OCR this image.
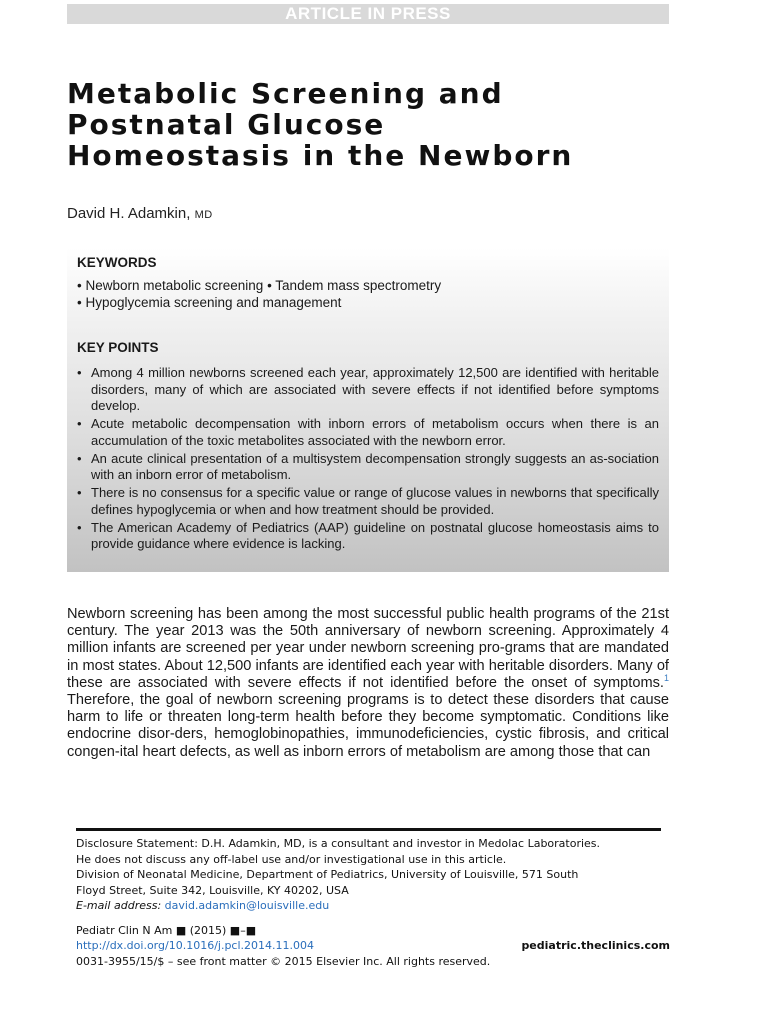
ARTICLE IN PRESS
Metabolic Screening and
Postnatal Glucose
Homeostasis in the Newborn
David H. Adamkin, MD

KEYWORDS

• Newborn metabolic screening • Tandem mass spectrometry
• Hypoglycemia screening and management

KEY POINTS

• Among 4 million newborns screened each year, approximately 12,500 are identified with heritable disorders, many of which are associated with severe effects if not identified before symptoms develop.
• Acute metabolic decompensation with inborn errors of metabolism occurs when there is an accumulation of the toxic metabolites associated with the newborn error.
• An acute clinical presentation of a multisystem decompensation strongly suggests an as-sociation with an inborn error of metabolism.
• There is no consensus for a specific value or range of glucose values in newborns that specifically defines hypoglycemia or when and how treatment should be provided.
• The American Academy of Pediatrics (AAP) guideline on postnatal glucose homeostasis aims to provide guidance where evidence is lacking.

Newborn screening has been among the most successful public health programs of the 21st century. The year 2013 was the 50th anniversary of newborn screening. Approximately 4 million infants are screened per year under newborn screening pro-grams that are mandated in most states. About 12,500 infants are identified each year with heritable disorders. Many of these are associated with severe effects if not identified before the onset of symptoms.$^1$ Therefore, the goal of newborn screening programs is to detect these disorders that cause harm to life or threaten long-term health before they become symptomatic. Conditions like endocrine disor-ders, hemoglobinopathies, immunodeficiencies, cystic fibrosis, and critical congen-ital heart defects, as well as inborn errors of metabolism are among those that can

Disclosure Statement: D.H. Adamkin, MD, is a consultant and investor in Medolac Laboratories.

He does not discuss any off-label use and/or investigational use in this article.

Division of Neonatal Medicine, Department of Pediatrics, University of Louisville, 571 South

Floyd Street, Suite 342, Louisville, KY 40202, USA

E-mail address: david.adamkin@louisville.edu

Pediatr Clin N Am ■ (2015) ■–■

http://dx.doi.org/10.1016/j.pcl.2014.11.004	pediatric.theclinics.com

0031-3955/15/$ – see front matter © 2015 Elsevier Inc. All rights reserved.
